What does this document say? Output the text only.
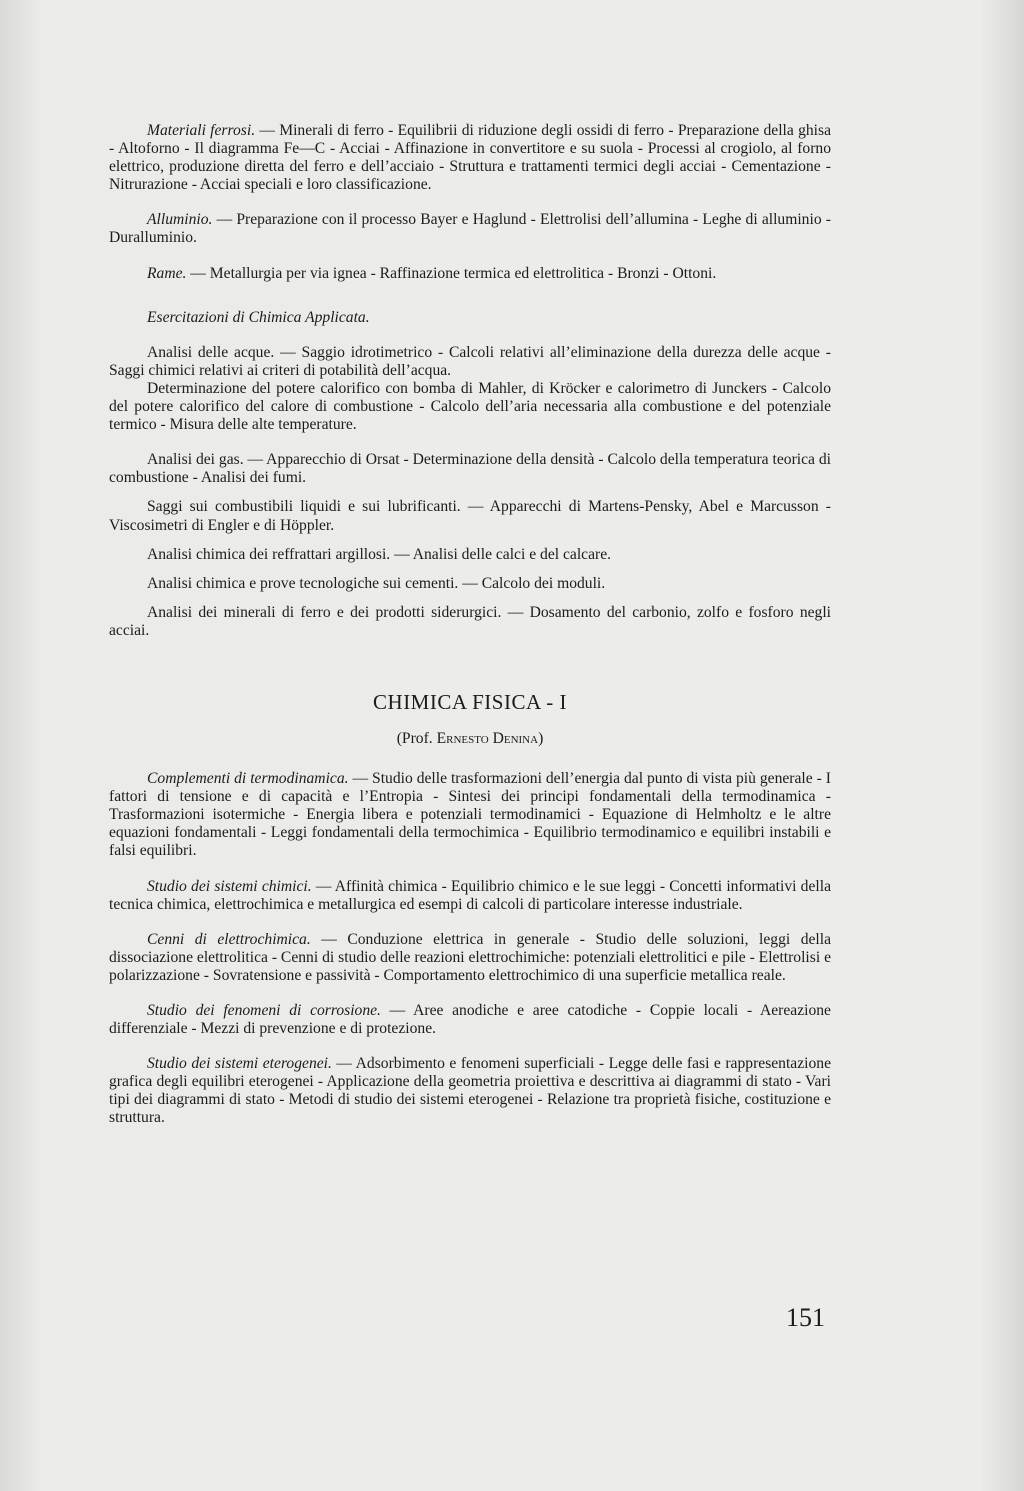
Materiali ferrosi. — Minerali di ferro - Equilibrii di riduzione degli ossidi di ferro - Preparazione della ghisa - Altoforno - Il diagramma Fe—C - Acciai - Affinazione in convertitore e su suola - Processi al crogiolo, al forno elettrico, produzione diretta del ferro e dell’acciaio - Struttura e trattamenti termici degli acciai - Cementazione - Nitrurazione - Acciai speciali e loro classificazione.

Alluminio. — Preparazione con il processo Bayer e Haglund - Elettrolisi dell’allumina - Leghe di alluminio - Duralluminio.

Rame. — Metallurgia per via ignea - Raffinazione termica ed elettrolitica - Bronzi - Ottoni.

Esercitazioni di Chimica Applicata.

Analisi delle acque. — Saggio idrotimetrico - Calcoli relativi all’eliminazione della durezza delle acque - Saggi chimici relativi ai criteri di potabilità dell’acqua.

Determinazione del potere calorifico con bomba di Mahler, di Kröcker e calorimetro di Junckers - Calcolo del potere calorifico del calore di combustione - Calcolo dell’aria necessaria alla combustione e del potenziale termico - Misura delle alte temperature.

Analisi dei gas. — Apparecchio di Orsat - Determinazione della densità - Calcolo della temperatura teorica di combustione - Analisi dei fumi.

Saggi sui combustibili liquidi e sui lubrificanti. — Apparecchi di Martens-Pensky, Abel e Marcusson - Viscosimetri di Engler e di Höppler.

Analisi chimica dei reffrattari argillosi. — Analisi delle calci e del calcare.

Analisi chimica e prove tecnologiche sui cementi. — Calcolo dei moduli.

Analisi dei minerali di ferro e dei prodotti siderurgici. — Dosamento del carbonio, zolfo e fosforo negli acciai.

CHIMICA FISICA - I

(Prof. Ernesto Denina)

Complementi di termodinamica. — Studio delle trasformazioni dell’energia dal punto di vista più generale - I fattori di tensione e di capacità e l’Entropia - Sintesi dei principi fondamentali della termodinamica - Trasformazioni isotermiche - Energia libera e potenziali termodinamici - Equazione di Helmholtz e le altre equazioni fondamentali - Leggi fondamentali della termochimica - Equilibrio termodinamico e equilibri instabili e falsi equilibri.

Studio dei sistemi chimici. — Affinità chimica - Equilibrio chimico e le sue leggi - Concetti informativi della tecnica chimica, elettrochimica e metallurgica ed esempi di calcoli di particolare interesse industriale.

Cenni di elettrochimica. — Conduzione elettrica in generale - Studio delle soluzioni, leggi della dissociazione elettrolitica - Cenni di studio delle reazioni elettrochimiche: potenziali elettrolitici e pile - Elettrolisi e polarizzazione - Sovratensione e passività - Comportamento elettrochimico di una superficie metallica reale.

Studio dei fenomeni di corrosione. — Aree anodiche e aree catodiche - Coppie locali - Aereazione differenziale - Mezzi di prevenzione e di protezione.

Studio dei sistemi eterogenei. — Adsorbimento e fenomeni superficiali - Legge delle fasi e rappresentazione grafica degli equilibri eterogenei - Applicazione della geometria proiettiva e descrittiva ai diagrammi di stato - Vari tipi dei diagrammi di stato - Metodi di studio dei sistemi eterogenei - Relazione tra proprietà fisiche, costituzione e struttura.

151
